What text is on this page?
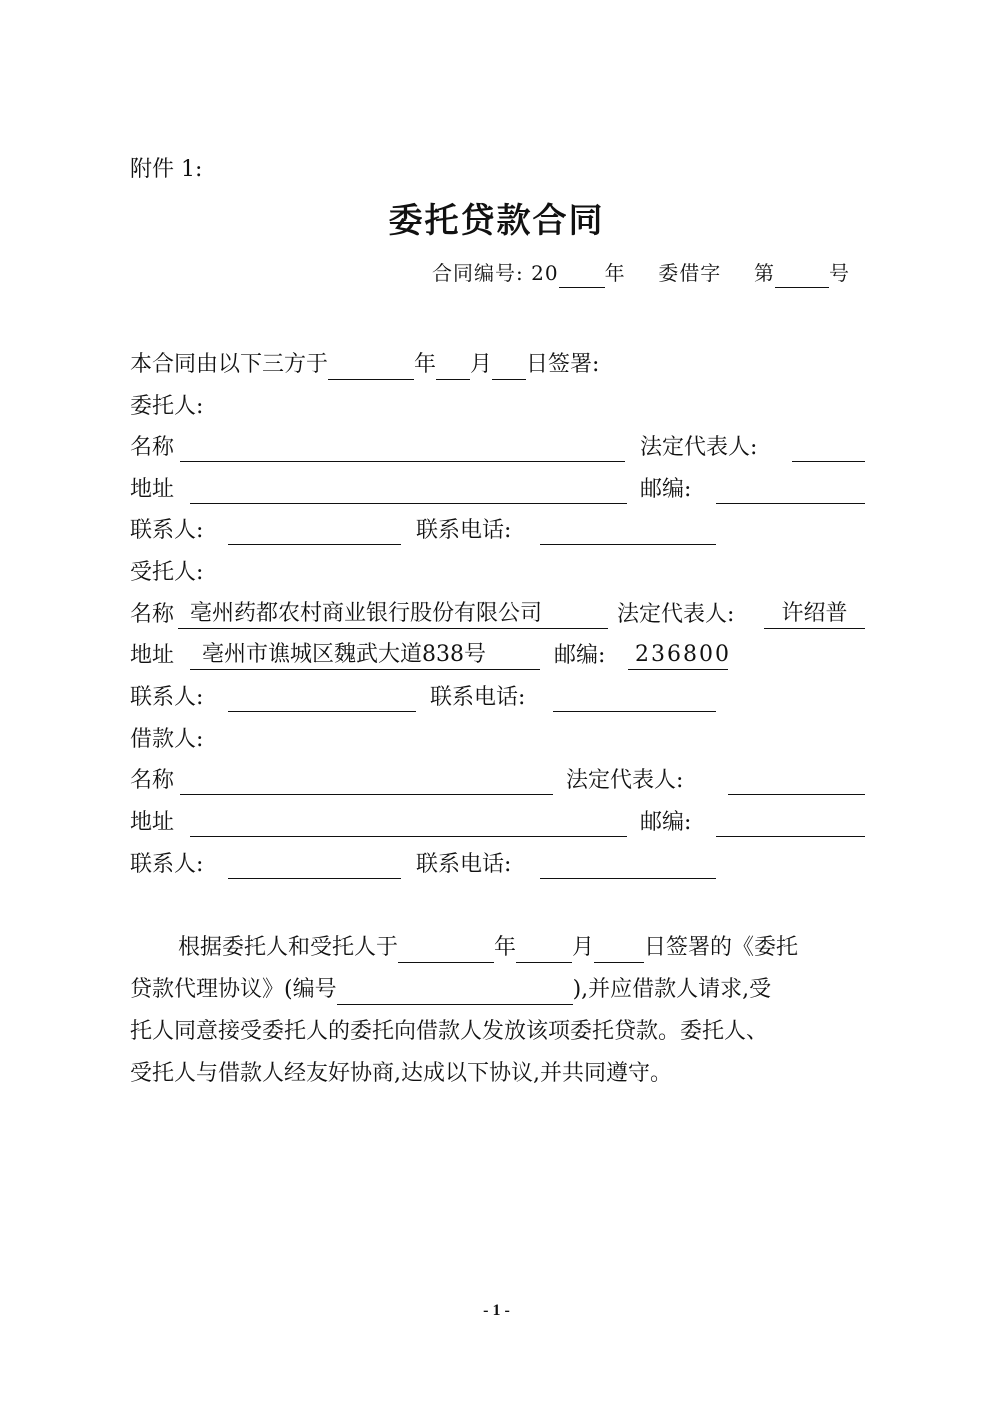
附件 1:
委托贷款合同
合同编号: 20 年 委借字 第	号
本合同由以下三方于	年 月 日签署:
委托人:
名称	法定代表人:
地址	邮编:
联系人:	联系电话:
受托人:
名称 亳州药都农村商业银行股份有限公司	法定代表人:	许绍普
地址	亳州市谯城区魏武大道838号	邮编:	236800
联系人:	联系电话:
借款人:
名称	法定代表人:
地址	邮编:
联系人:	联系电话:
根据委托人和受托人于	年	月 日签署的《委托
贷款代理协议》(编号	),并应借款人请求,受
托人同意接受委托人的委托向借款人发放该项委托贷款。委托人、
受托人与借款人经友好协商,达成以下协议,并共同遵守。
- 1 -
